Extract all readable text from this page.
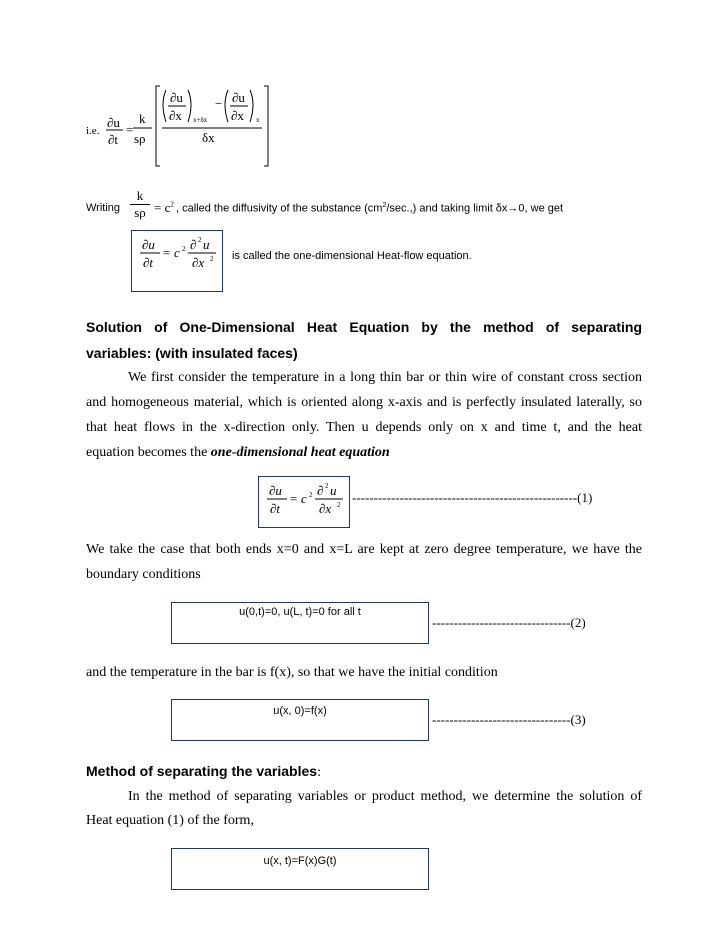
i.e.
∂u
∂t
=
k
sρ
∂u
∂x x+δx
− ∂u
∂x x
δx
Writing
k
$s\rho = c^2$ , called the diffusivity of the substance $(cm^2/\sec.,)$ and taking limit δx→0, we get
∂u
∂t
= c 2 ∂ 2 u
∂x 2 is called the one-dimensional Heat-flow equation.
Solution of One-Dimensional Heat Equation by the method of separating
variables: (with insulated faces)
We first consider the temperature in a long thin bar or thin wire of constant cross section
and homogeneous material, which is oriented along x-axis and is perfectly insulated laterally, so
that heat flows in the x-direction only. Then u depends only on x and time t, and the heat
equation becomes the one-dimensional heat equation
∂u
∂t
= c 2 ∂ 2 u
∂x 2 ----------------------------------------------------(1)
We take the case that both ends x=0 and x=L are kept at zero degree temperature, we have the
boundary conditions
u(0,t)=0, u(L, t)=0 for all t
--------------------------------(2)
and the temperature in the bar is f(x), so that we have the initial condition
u(x, 0)=f(x)
--------------------------------(3)
Method of separating the variables:
In the method of separating variables or product method, we determine the solution of
Heat equation (1) of the form,
u(x, t)=F(x)G(t)
